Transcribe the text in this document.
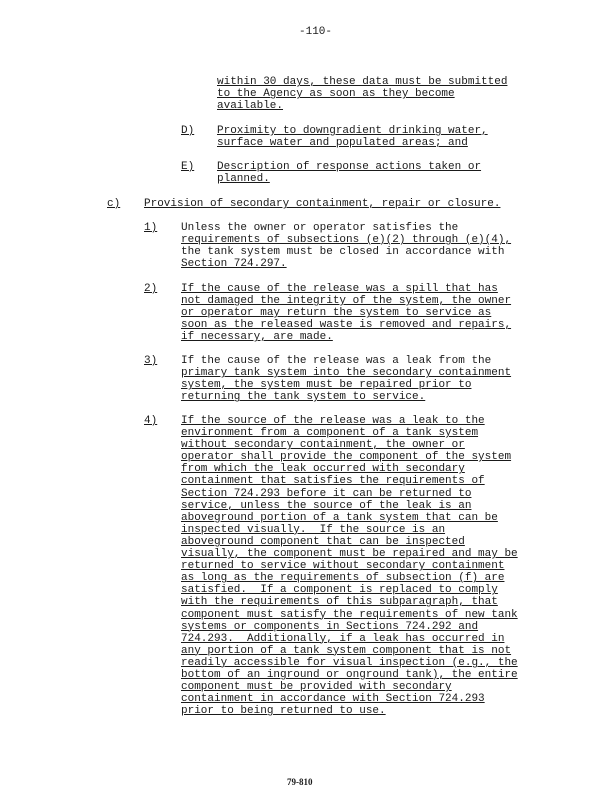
-110-
within 30 days, these data must be submitted
to the Agency as soon as they become
available.
D) Proximity to downgradient drinking water,
surface water and populated areas; and
E) Description of response actions taken or
planned.
c) Provision of secondary containment, repair or closure.
1) Unless the owner or operator satisfies the
requirements of subsections (e)(2) through (e)(4),
the tank system must be closed in accordance with
Section 724.297.
2) If the cause of the release was a spill that has
not damaged the integrity of the system, the owner
or operator may return the system to service as
soon as the released waste is removed and repairs,
if necessary, are made.
3) If the cause of the release was a leak from the
primary tank system into the secondary containment
system, the system must be repaired prior to
returning the tank system to service.
4) If the source of the release was a leak to the
environment from a component of a tank system
without secondary containment, the owner or
operator shall provide the component of the system
from which the leak occurred with secondary
containment that satisfies the requirements of
Section 724.293 before it can be returned to
service, unless the source of the leak is an
aboveground portion of a tank system that can be
inspected visually.  If the source is an
aboveground component that can be inspected
visually, the component must be repaired and may be
returned to service without secondary containment
as long as the requirements of subsection (f) are
satisfied.  If a component is replaced to comply
with the requirements of this subparagraph, that
component must satisfy the requirements of new tank
systems or components in Sections 724.292 and
724.293.  Additionally, if a leak has occurred in
any portion of a tank system component that is not
readily accessible for visual inspection (e.g., the
bottom of an inground or onground tank), the entire
component must be provided with secondary
containment in accordance with Section 724.293
prior to being returned to use.
79-810
